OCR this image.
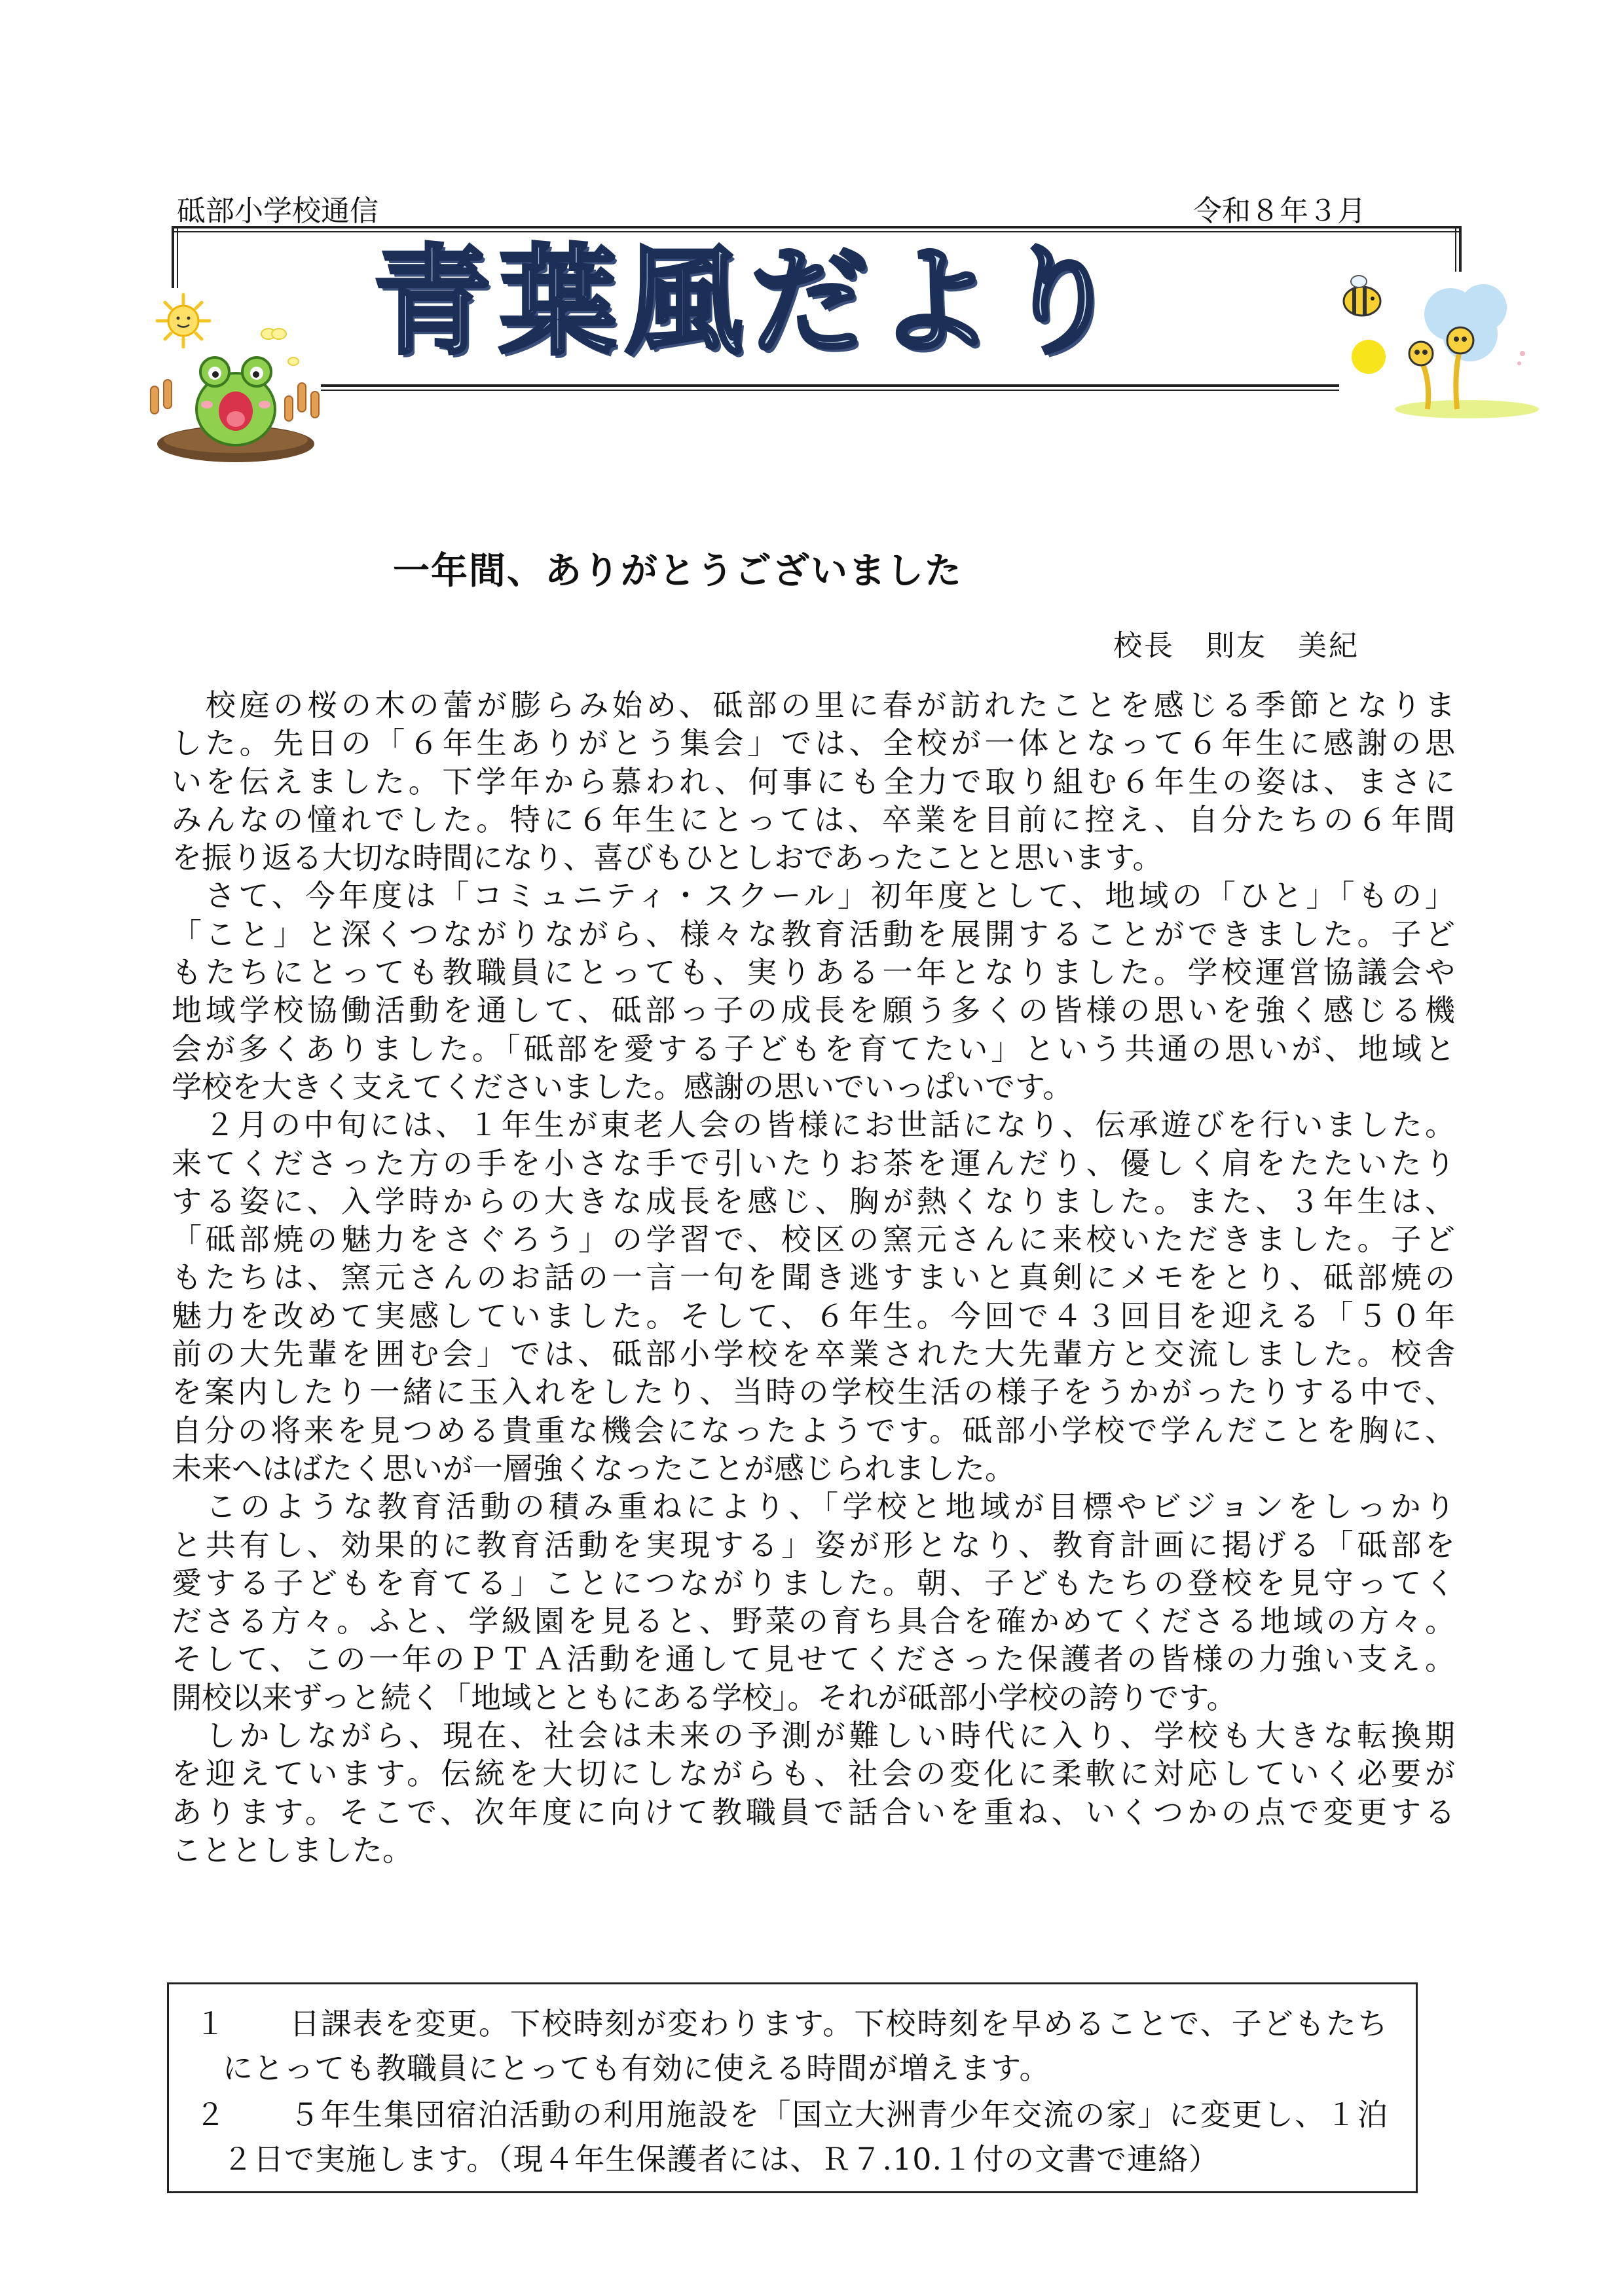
砥部小学校通信	令和８年３月
青葉風だより
一年間、ありがとうございました
校長　則友　美紀
　校庭の桜の木の蕾が膨らみ始め、砥部の里に春が訪れたことを感じる季節となりま
した。先日の「６年生ありがとう集会」では、全校が一体となって６年生に感謝の思
いを伝えました。下学年から慕われ、何事にも全力で取り組む６年生の姿は、まさに
みんなの憧れでした。特に６年生にとっては、卒業を目前に控え、自分たちの６年間
を振り返る大切な時間になり、喜びもひとしおであったことと思います。
　さて、今年度は「コミュニティ・スクール」初年度として、地域の「ひと」「もの」
「こと」と深くつながりながら、様々な教育活動を展開することができました。子ど
もたちにとっても教職員にとっても、実りある一年となりました。学校運営協議会や
地域学校協働活動を通して、砥部っ子の成長を願う多くの皆様の思いを強く感じる機
会が多くありました。「砥部を愛する子どもを育てたい」という共通の思いが、地域と
学校を大きく支えてくださいました。感謝の思いでいっぱいです。
　２月の中旬には、１年生が東老人会の皆様にお世話になり、伝承遊びを行いました。
来てくださった方の手を小さな手で引いたりお茶を運んだり、優しく肩をたたいたり
する姿に、入学時からの大きな成長を感じ、胸が熱くなりました。また、３年生は、
「砥部焼の魅力をさぐろう」の学習で、校区の窯元さんに来校いただきました。子ど
もたちは、窯元さんのお話の一言一句を聞き逃すまいと真剣にメモをとり、砥部焼の
魅力を改めて実感していました。そして、６年生。今回で４３回目を迎える「５０年
前の大先輩を囲む会」では、砥部小学校を卒業された大先輩方と交流しました。校舎
を案内したり一緒に玉入れをしたり、当時の学校生活の様子をうかがったりする中で、
自分の将来を見つめる貴重な機会になったようです。砥部小学校で学んだことを胸に、
未来へはばたく思いが一層強くなったことが感じられました。
　このような教育活動の積み重ねにより、「学校と地域が目標やビジョンをしっかり
と共有し、効果的に教育活動を実現する」姿が形となり、教育計画に掲げる「砥部を
愛する子どもを育てる」ことにつながりました。朝、子どもたちの登校を見守ってく
ださる方々。ふと、学級園を見ると、野菜の育ち具合を確かめてくださる地域の方々。
そして、この一年のＰＴＡ活動を通して見せてくださった保護者の皆様の力強い支え。
開校以来ずっと続く「地域とともにある学校」。それが砥部小学校の誇りです。
　しかしながら、現在、社会は未来の予測が難しい時代に入り、学校も大きな転換期
を迎えています。伝統を大切にしながらも、社会の変化に柔軟に対応していく必要が
あります。そこで、次年度に向けて教職員で話合いを重ね、いくつかの点で変更する
こととしました。
１　　日課表を変更。下校時刻が変わります。下校時刻を早めることで、子どもたち
にとっても教職員にとっても有効に使える時間が増えます。
２　　５年生集団宿泊活動の利用施設を「国立大洲青少年交流の家」に変更し、１泊
２日で実施します。（現４年生保護者には、Ｒ７.10.１付の文書で連絡）
